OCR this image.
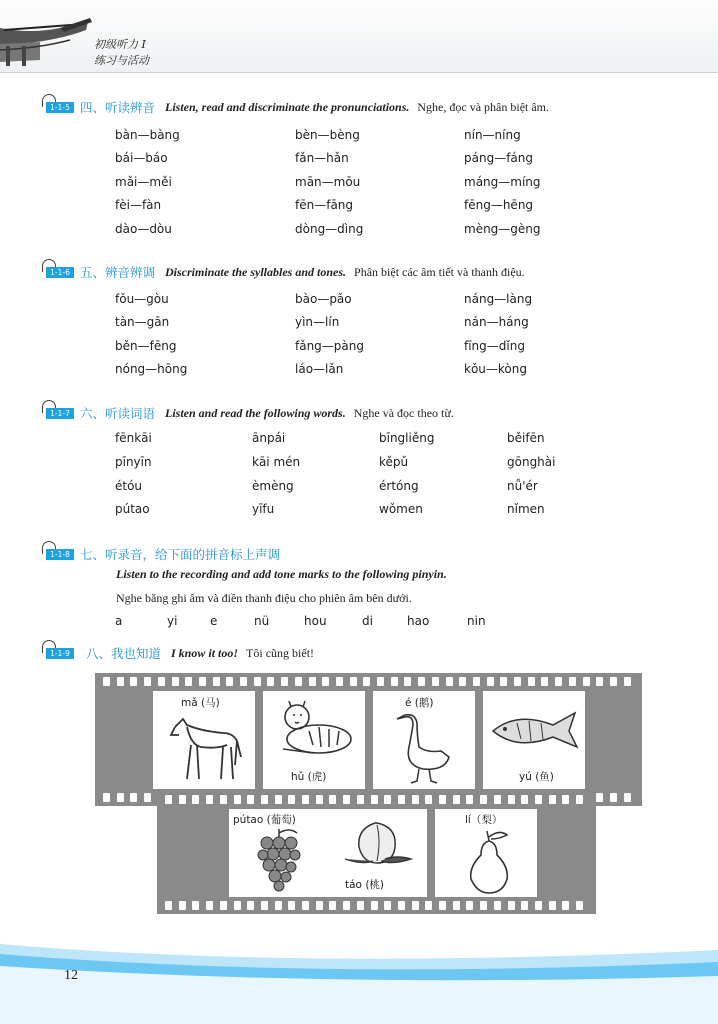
初级听力 I
练习与活动
1-1-5 四、听读辨音 Listen, read and discriminate the pronunciations. Nghe, đọc và phân biệt âm.
bàn—bàng	bèn—bèng	nín—níng
bái—báo	fǎn—hǎn	páng—fáng
mǎi—měi	mān—mōu	máng—míng
fèi—fàn	fēn—fāng	fēng—hēng
dào—dòu	dòng—dìng	mèng—gèng
1-1-6 五、辨音辨调 Discriminate the syllables and tones. Phân biệt các âm tiết và thanh điệu.
fǒu—gòu	bào—pǎo	náng—làng
tàn—gān	yìn—lín	nán—háng
běn—fēng	fǎng—pàng	fīng—dǐng
nóng—hōng	láo—lǎn	kǒu—kòng
1-1-7 六、听读词语 Listen and read the following words. Nghe và đọc theo từ.
fēnkāi	ānpái	bīngliěng	běifēn
pīnyīn	kāi mén	kěpǔ	gōnghài
étóu	èmèng	értóng	nǚ'ér
pútao	yīfu	wǒmen	nǐmen
1-1-8 七、听录音，给下面的拼音标上声调
Listen to the recording and add tone marks to the following pinyin.
Nghe băng ghi âm và điền thanh điệu cho phiên âm bên dưới.
a	yi	e	nü	hou	di	hao	nin
1-1-9	八、我也知道 I know it too! Tôi cũng biết!
mǎ (马)
hǔ (虎)
é (鹅)
yú (鱼)
pútao (葡萄)
táo (桃)
lí（梨）
12
